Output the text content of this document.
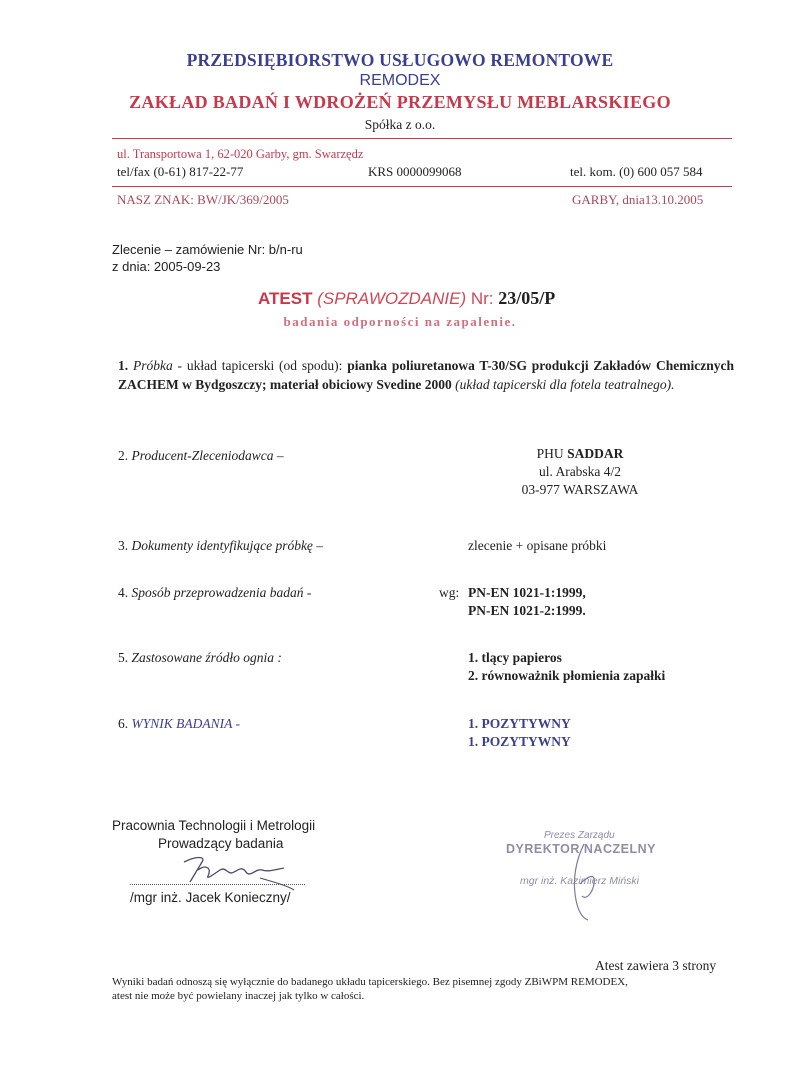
PRZEDSIĘBIORSTWO USŁUGOWO REMONTOWE
REMODEX
ZAKŁAD BADAŃ I WDROŻEŃ PRZEMYSŁU MEBLARSKIEGO
Spółka z o.o.
ul. Transportowa 1, 62-020 Garby, gm. Swarzędz
tel/fax (0-61) 817-22-77	KRS 0000099068	tel. kom. (0) 600 057 584
NASZ ZNAK: BW/JK/369/2005	GARBY, dnia13.10.2005
Zlecenie – zamówienie Nr: b/n-ru
z dnia: 2005-09-23
ATEST (SPRAWOZDANIE) Nr: 23/05/P
badania odporności na zapalenie.
1. Próbka - układ tapicerski (od spodu): pianka poliuretanowa T-30/SG produkcji Zakładów Chemicznych ZACHEM w Bydgoszczy; materiał obiciowy Svedine 2000 (układ tapicerski dla fotela teatralnego).
2. Producent-Zleceniodawca –	PHU SADDAR
ul. Arabska 4/2
03-977 WARSZAWA
3. Dokumenty identyfikujące próbkę –	zlecenie + opisane próbki
4. Sposób przeprowadzenia badań -	wg: PN-EN 1021-1:1999,
PN-EN 1021-2:1999.
5. Zastosowane źródło ognia :	1. tlący papieros
2. równoważnik płomienia zapałki
6. WYNIK BADANIA -	1. POZYTYWNY
1. POZYTYWNY
Pracownia Technologii i Metrologii
Prowadzący badania
/mgr inż. Jacek Konieczny/
Prezes Zarządu
DYREKTOR NACZELNY
mgr inż. Kazimierz Miński
Atest zawiera 3 strony
Wyniki badań odnoszą się wyłącznie do badanego układu tapicerskiego. Bez pisemnej zgody ZBiWPM REMODEX,
atest nie może być powielany inaczej jak tylko w całości.
